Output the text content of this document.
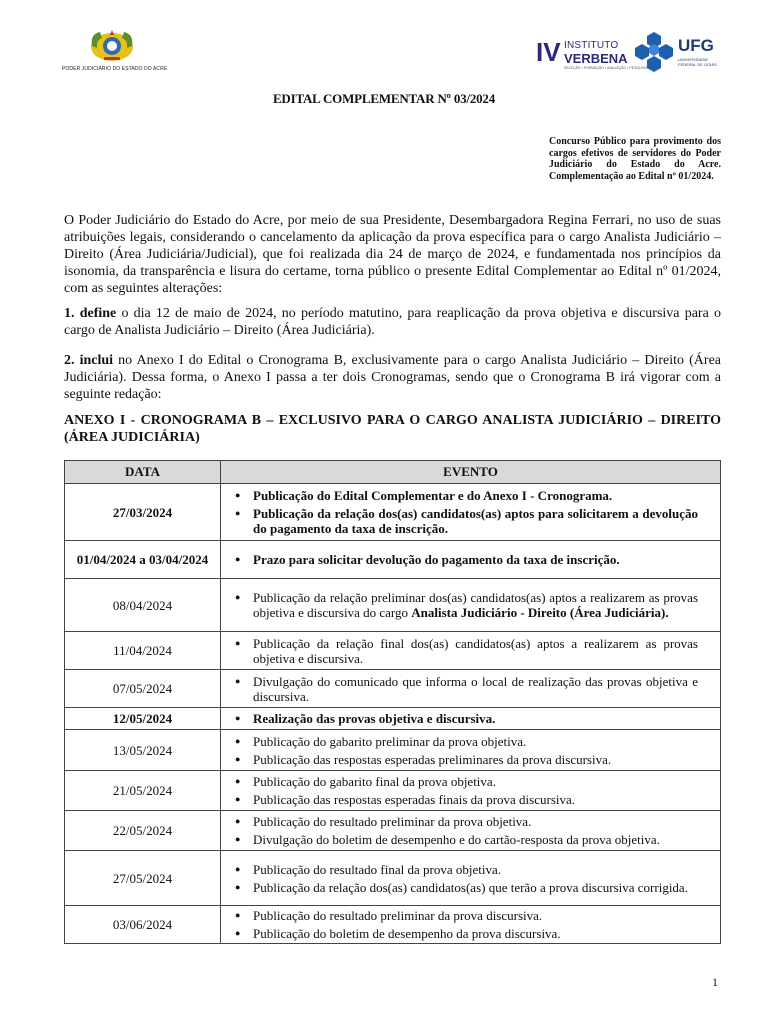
PODER JUDICIÁRIO DO ESTADO DO ACRE
IV INSTITUTO
VERBENA
SELEÇÃO • FORMAÇÃO • AVALIAÇÃO • PESQUISA
UFG
UNIVERSIDADE
FEDERAL DE GOIÁS
EDITAL COMPLEMENTAR Nº 03/2024
Concurso Público para provimento dos cargos efetivos de servidores do Poder Judiciário do Estado do Acre. Complementação ao Edital nº 01/2024.
O Poder Judiciário do Estado do Acre, por meio de sua Presidente, Desembargadora Regina Ferrari, no uso de suas atribuições legais, considerando o cancelamento da aplicação da prova específica para o cargo Analista Judiciário – Direito (Área Judiciária/Judicial), que foi realizada dia 24 de março de 2024, e fundamentada nos princípios da isonomia, da transparência e lisura do certame, torna público o presente Edital Complementar ao Edital nº 01/2024, com as seguintes alterações:
1. define o dia 12 de maio de 2024, no período matutino, para reaplicação da prova objetiva e discursiva para o cargo de Analista Judiciário – Direito (Área Judiciária).
2. inclui no Anexo I do Edital o Cronograma B, exclusivamente para o cargo Analista Judiciário – Direito (Área Judiciária). Dessa forma, o Anexo I passa a ter dois Cronogramas, sendo que o Cronograma B irá vigorar com a seguinte redação:
ANEXO I - CRONOGRAMA B – EXCLUSIVO PARA O CARGO ANALISTA JUDICIÁRIO – DIREITO (ÁREA JUDICIÁRIA)
DATA	EVENTO
27/03/2024	● Publicação do Edital Complementar e do Anexo I - Cronograma.
● Publicação da relação dos(as) candidatos(as) aptos para solicitarem a devolução do pagamento da taxa de inscrição.

01/04/2024 a 03/04/2024	● Prazo para solicitar devolução do pagamento da taxa de inscrição.

08/04/2024	● Publicação da relação preliminar dos(as) candidatos(as) aptos a realizarem as provas objetiva e discursiva do cargo Analista Judiciário - Direito (Área Judiciária).

11/04/2024	● Publicação da relação final dos(as) candidatos(as) aptos a realizarem as provas objetiva e discursiva.

07/05/2024	● Divulgação do comunicado que informa o local de realização das provas objetiva e discursiva.

12/05/2024	● Realização das provas objetiva e discursiva.

13/05/2024	● Publicação do gabarito preliminar da prova objetiva.
● Publicação das respostas esperadas preliminares da prova discursiva.

21/05/2024	● Publicação do gabarito final da prova objetiva.
● Publicação das respostas esperadas finais da prova discursiva.

22/05/2024	● Publicação do resultado preliminar da prova objetiva.
● Divulgação do boletim de desempenho e do cartão-resposta da prova objetiva.

27/05/2024	● Publicação do resultado final da prova objetiva.
● Publicação da relação dos(as) candidatos(as) que terão a prova discursiva corrigida.

03/06/2024	● Publicação do resultado preliminar da prova discursiva.
● Publicação do boletim de desempenho da prova discursiva.
1
